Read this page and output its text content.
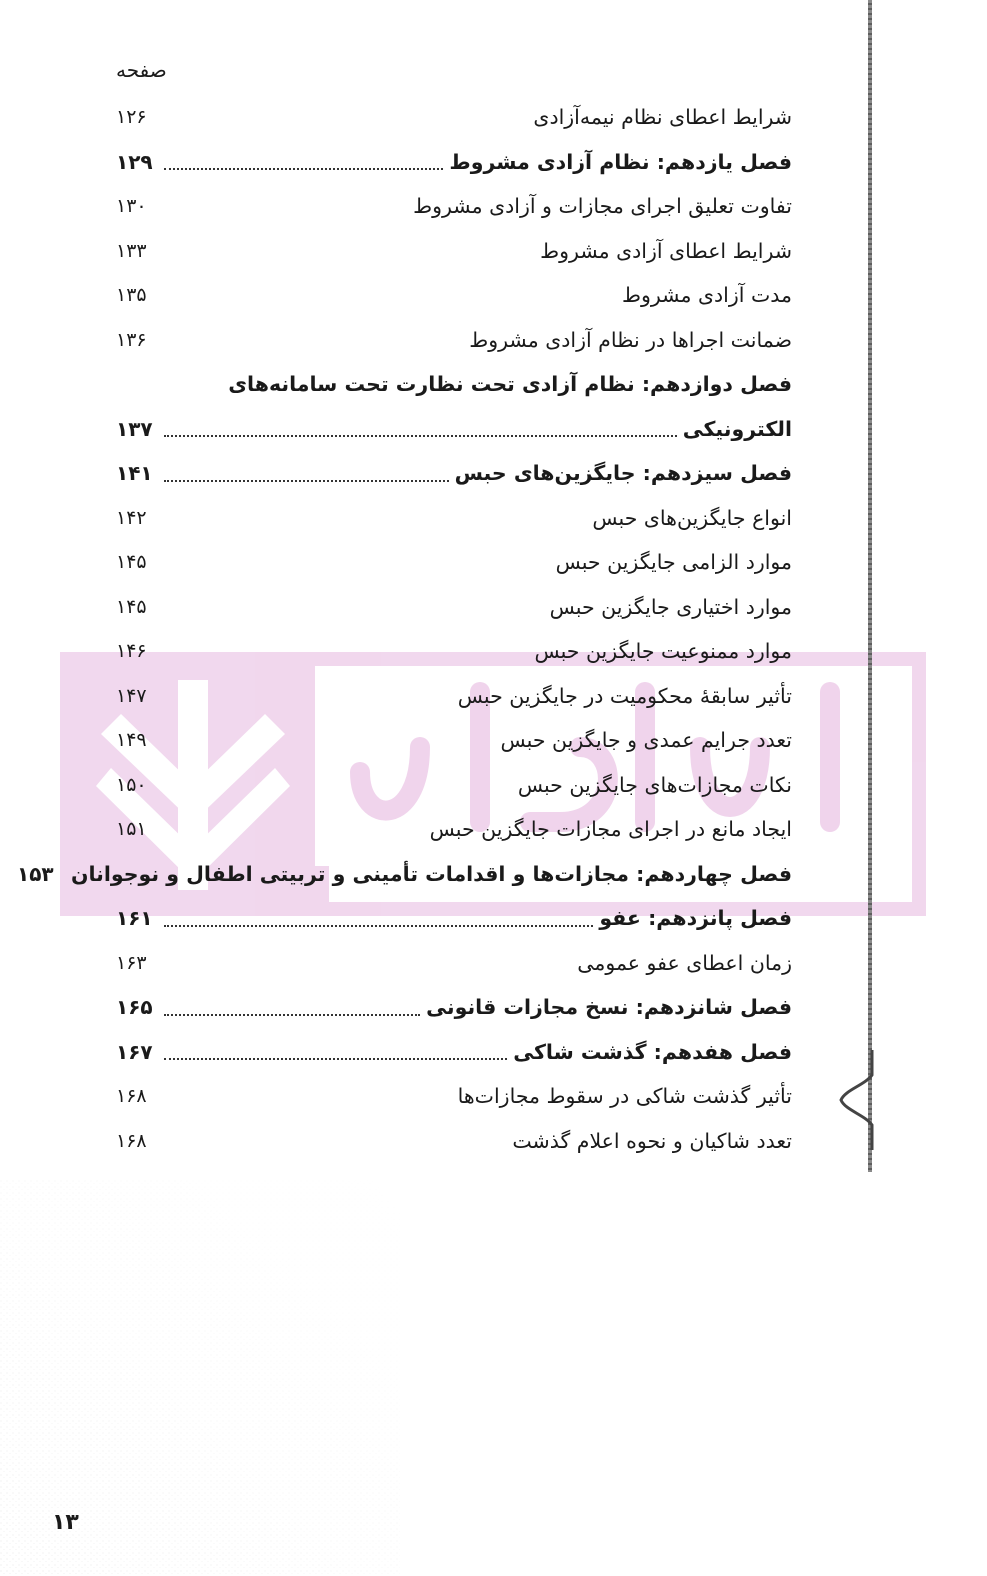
صفحه
شرایط اعطای نظام نیمه‌آزادی
۱۲۶
فصل یازدهم: نظام آزادی مشروط
۱۲۹
تفاوت تعلیق اجرای مجازات و آزادی مشروط
۱۳۰
شرایط اعطای آزادی مشروط
۱۳۳
مدت آزادی مشروط
۱۳۵
ضمانت اجراها در نظام آزادی مشروط
۱۳۶
فصل دوازدهم: نظام آزادی تحت نظارت تحت سامانه‌های
الکترونیکی
۱۳۷
فصل سیزدهم: جایگزین‌های حبس
۱۴۱
انواع جایگزین‌های حبس
۱۴۲
موارد الزامی جایگزین حبس
۱۴۵
موارد اختیاری جایگزین حبس
۱۴۵
موارد ممنوعیت جایگزین حبس
۱۴۶
تأثیر سابقهٔ محکومیت در جایگزین حبس
۱۴۷
تعدد جرایم عمدی و جایگزین حبس
۱۴۹
نکات مجازات‌های جایگزین حبس
۱۵۰
ایجاد مانع در اجرای مجازات جایگزین حبس
۱۵۱
فصل چهاردهم: مجازات‌ها و اقدامات تأمینی و تربیتی اطفال و نوجوانان
۱۵۳
فصل پانزدهم: عفو
۱۶۱
زمان اعطای عفو عمومی
۱۶۳
فصل شانزدهم: نسخ مجازات قانونی
۱۶۵
فصل هفدهم: گذشت شاکی
۱۶۷
تأثیر گذشت شاکی در سقوط مجازات‌ها
۱۶۸
تعدد شاکیان و نحوه اعلام گذشت
۱۶۸
۱۳
